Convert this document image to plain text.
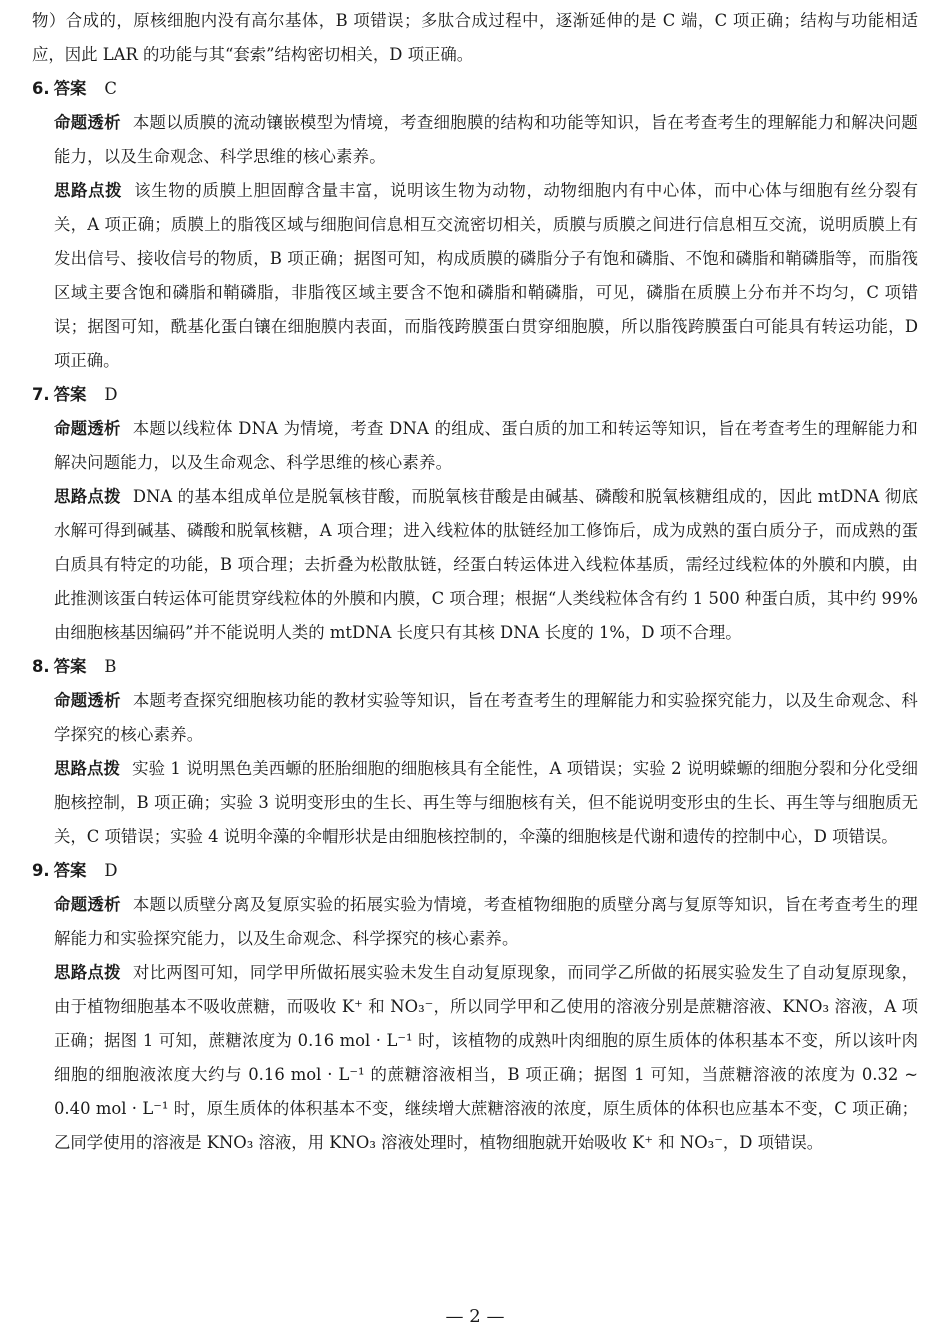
物）合成的，原核细胞内没有高尔基体，B 项错误；多肽合成过程中，逐渐延伸的是 C 端，C 项正确；结构与功能相适应，因此 LAR 的功能与其“套索”结构密切相关，D 项正确。

6. 答案 C

命题透析 本题以质膜的流动镶嵌模型为情境，考查细胞膜的结构和功能等知识，旨在考查考生的理解能力和解决问题能力，以及生命观念、科学思维的核心素养。

思路点拨 该生物的质膜上胆固醇含量丰富，说明该生物为动物，动物细胞内有中心体，而中心体与细胞有丝分裂有关，A 项正确；质膜上的脂筏区域与细胞间信息相互交流密切相关，质膜与质膜之间进行信息相互交流，说明质膜上有发出信号、接收信号的物质，B 项正确；据图可知，构成质膜的磷脂分子有饱和磷脂、不饱和磷脂和鞘磷脂等，而脂筏区域主要含饱和磷脂和鞘磷脂，非脂筏区域主要含不饱和磷脂和鞘磷脂，可见，磷脂在质膜上分布并不均匀，C 项错误；据图可知，酰基化蛋白镶在细胞膜内表面，而脂筏跨膜蛋白贯穿细胞膜，所以脂筏跨膜蛋白可能具有转运功能，D 项正确。

7. 答案 D

命题透析 本题以线粒体 DNA 为情境，考查 DNA 的组成、蛋白质的加工和转运等知识，旨在考查考生的理解能力和解决问题能力，以及生命观念、科学思维的核心素养。

思路点拨 DNA 的基本组成单位是脱氧核苷酸，而脱氧核苷酸是由碱基、磷酸和脱氧核糖组成的，因此 mtDNA 彻底水解可得到碱基、磷酸和脱氧核糖，A 项合理；进入线粒体的肽链经加工修饰后，成为成熟的蛋白质分子，而成熟的蛋白质具有特定的功能，B 项合理；去折叠为松散肽链，经蛋白转运体进入线粒体基质，需经过线粒体的外膜和内膜，由此推测该蛋白转运体可能贯穿线粒体的外膜和内膜，C 项合理；根据“人类线粒体含有约 1 500 种蛋白质，其中约 99% 由细胞核基因编码”并不能说明人类的 mtDNA 长度只有其核 DNA 长度的 1%，D 项不合理。

8. 答案 B

命题透析 本题考查探究细胞核功能的教材实验等知识，旨在考查考生的理解能力和实验探究能力，以及生命观念、科学探究的核心素养。

思路点拨 实验 1 说明黑色美西螈的胚胎细胞的细胞核具有全能性，A 项错误；实验 2 说明蝾螈的细胞分裂和分化受细胞核控制，B 项正确；实验 3 说明变形虫的生长、再生等与细胞核有关，但不能说明变形虫的生长、再生等与细胞质无关，C 项错误；实验 4 说明伞藻的伞帽形状是由细胞核控制的，伞藻的细胞核是代谢和遗传的控制中心，D 项错误。

9. 答案 D

命题透析 本题以质壁分离及复原实验的拓展实验为情境，考查植物细胞的质壁分离与复原等知识，旨在考查考生的理解能力和实验探究能力，以及生命观念、科学探究的核心素养。

思路点拨 对比两图可知，同学甲所做拓展实验未发生自动复原现象，而同学乙所做的拓展实验发生了自动复原现象，由于植物细胞基本不吸收蔗糖，而吸收 K⁺ 和 NO₃⁻，所以同学甲和乙使用的溶液分别是蔗糖溶液、KNO₃ 溶液，A 项正确；据图 1 可知，蔗糖浓度为 0.16 mol · L⁻¹ 时，该植物的成熟叶肉细胞的原生质体的体积基本不变，所以该叶肉细胞的细胞液浓度大约与 0.16 mol · L⁻¹ 的蔗糖溶液相当，B 项正确；据图 1 可知，当蔗糖溶液的浓度为 0.32 ~ 0.40 mol · L⁻¹ 时，原生质体的体积基本不变，继续增大蔗糖溶液的浓度，原生质体的体积也应基本不变，C 项正确；乙同学使用的溶液是 KNO₃ 溶液，用 KNO₃ 溶液处理时，植物细胞就开始吸收 K⁺ 和 NO₃⁻，D 项错误。

— 2 —
